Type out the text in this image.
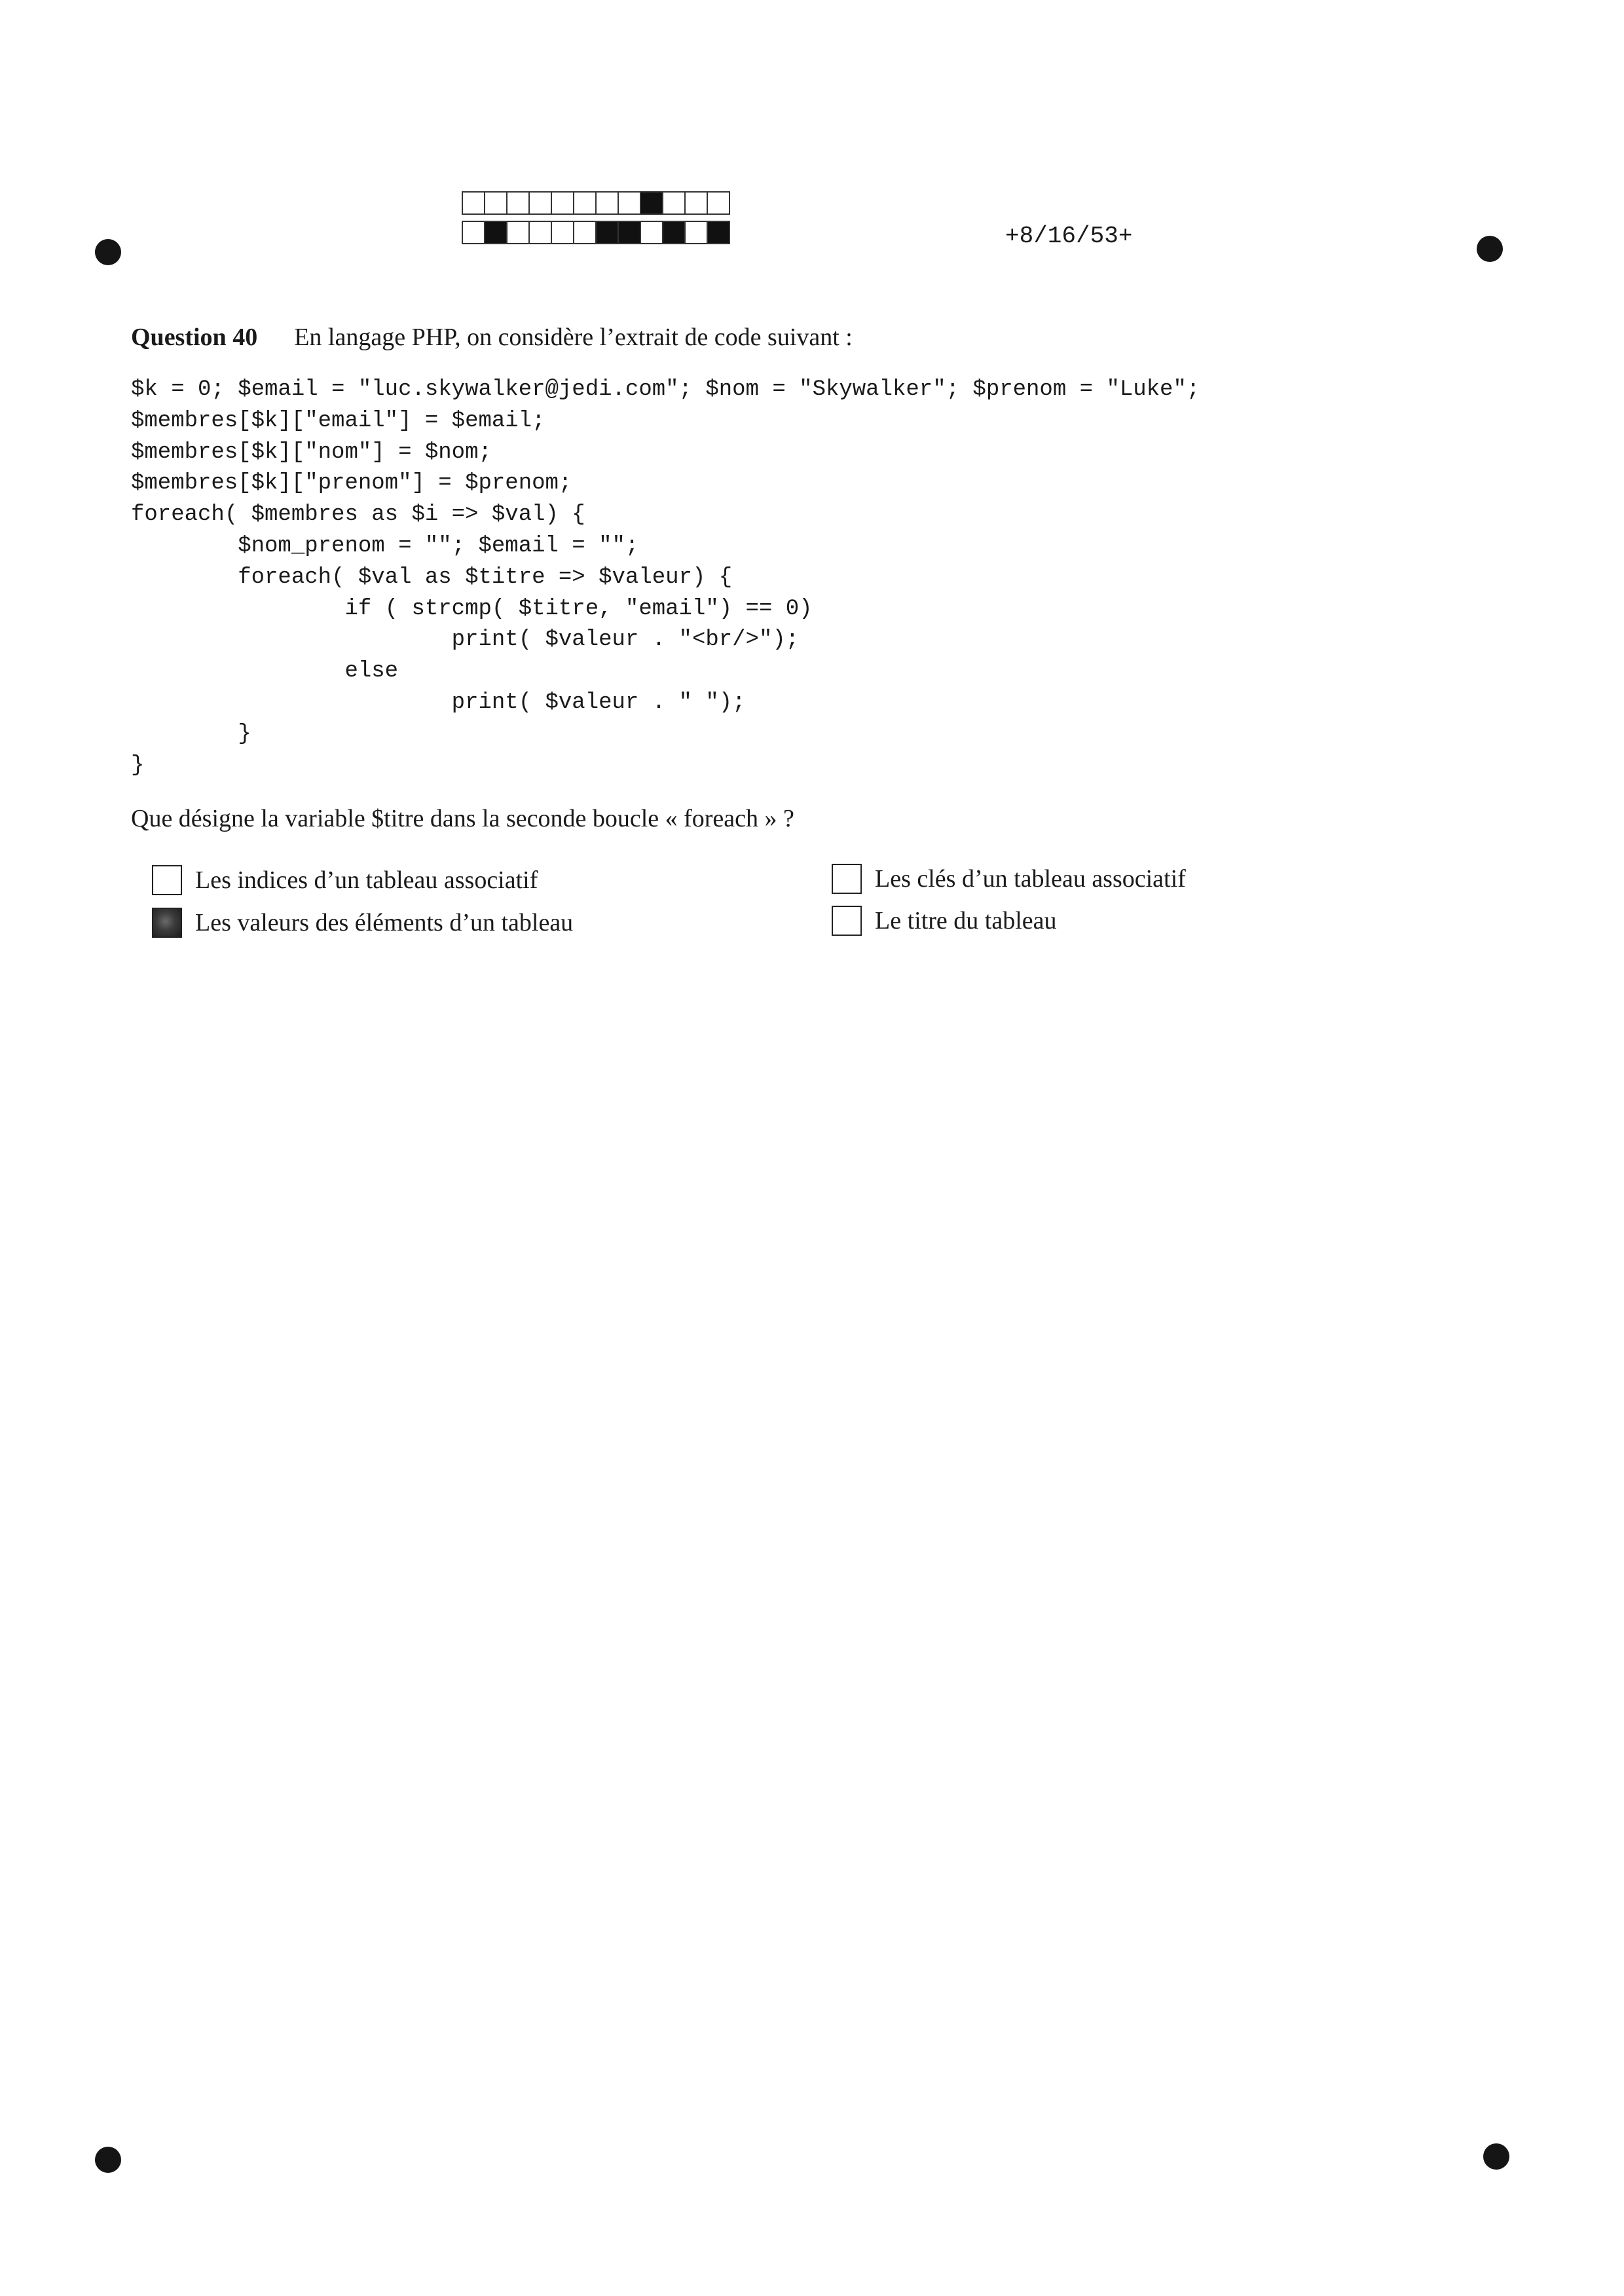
+8/16/53+
Question 40 En langage PHP, on considère l’extrait de code suivant :
$k = 0; $email = "luc.skywalker@jedi.com"; $nom = "Skywalker"; $prenom = "Luke";
$membres[$k]["email"] = $email;
$membres[$k]["nom"] = $nom;
$membres[$k]["prenom"] = $prenom;
foreach( $membres as $i => $val) {
$nom_prenom = ""; $email = "";
foreach( $val as $titre => $valeur) {
if ( strcmp( $titre, "email") == 0)
print( $valeur . "<br/>");
else
print( $valeur . " ");
}
}
Que désigne la variable $titre dans la seconde boucle « foreach » ?
Les indices d’un tableau associatif
Les valeurs des éléments d’un tableau
Les clés d’un tableau associatif
Le titre du tableau
